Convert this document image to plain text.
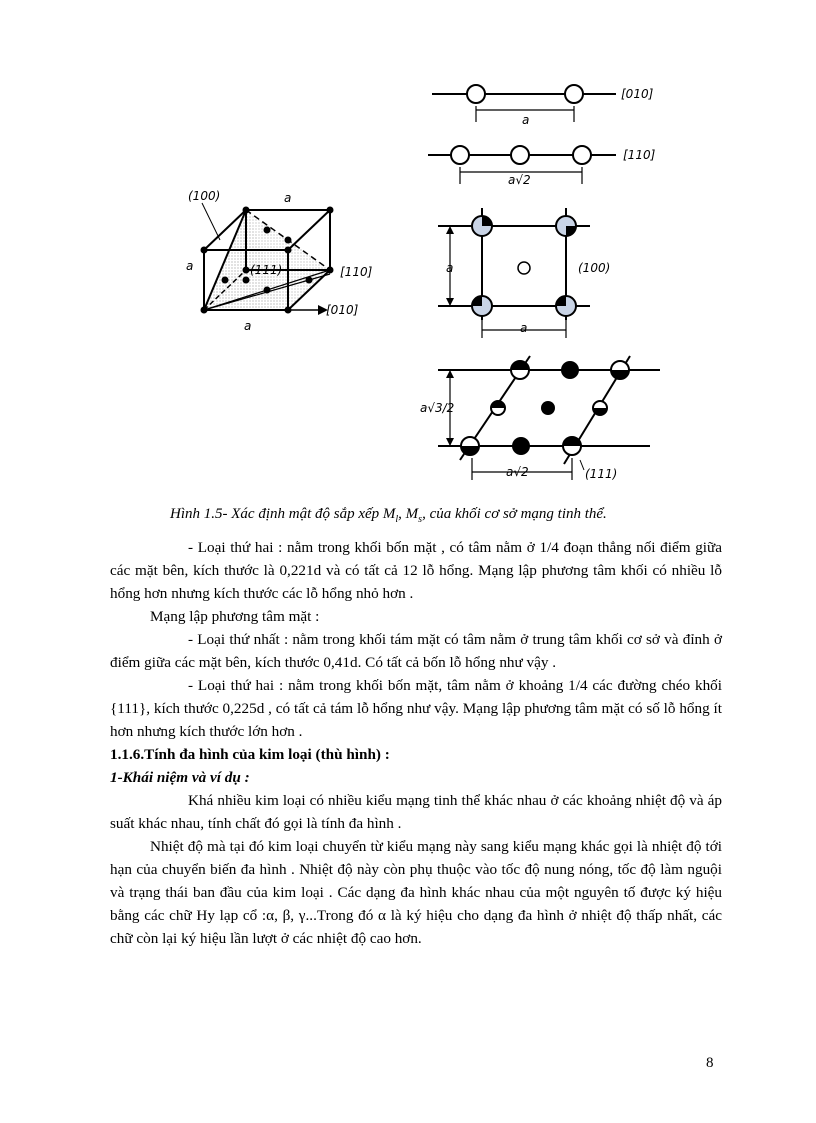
(100)	a
a	(111)	[110]
[010]
a
[010]
a
[110]
a√2
a	(100)
a
a√3/2
a√2	(111)
Hình 1.5- Xác định mật độ sắp xếp $M_l$, $M_s$, của khối cơ sở mạng tinh thể.

- Loại thứ hai : nằm trong khối bốn mặt , có tâm nằm ở 1/4 đoạn thẳng nối điểm giữa các mặt bên, kích thước là 0,221d và có tất cả 12 lỗ hổng. Mạng lập phương tâm khối có nhiều lỗ hổng hơn nhưng kích thước các lỗ hổng nhỏ hơn .

Mạng lập phương tâm mặt :

- Loại thứ nhất : nằm trong khối tám mặt có tâm nằm ở trung tâm khối cơ sở và đỉnh ở điểm giữa các mặt bên, kích thước 0,41d. Có tất cả bốn lỗ hổng như vậy .

- Loại thứ hai : nằm trong khối bốn mặt, tâm nằm ở khoảng 1/4 các đường chéo khối {111}, kích thước 0,225d , có tất cả tám lỗ hổng như vậy. Mạng lập phương tâm mặt có số lỗ hổng ít hơn nhưng kích thước lớn hơn .

1.1.6.Tính đa hình của kim loại (thù hình) :

1-Khái niệm và ví dụ :

Khá nhiều kim loại có nhiều kiểu mạng tinh thể khác nhau ở các khoảng nhiệt độ và áp suất khác nhau, tính chất đó gọi là tính đa hình .

Nhiệt độ mà tại đó kim loại chuyển từ kiểu mạng này sang kiểu mạng khác gọi là nhiệt độ tới hạn của chuyển biến đa hình . Nhiệt độ này còn phụ thuộc vào tốc độ nung nóng, tốc độ làm nguội và trạng thái ban đầu của kim loại . Các dạng đa hình khác nhau của một nguyên tố được ký hiệu bằng các chữ Hy lạp cổ :α, β, γ...Trong đó α là ký hiệu cho dạng đa hình ở nhiệt độ thấp nhất, các chữ còn lại ký hiệu lần lượt ở các nhiệt độ cao hơn.

8
